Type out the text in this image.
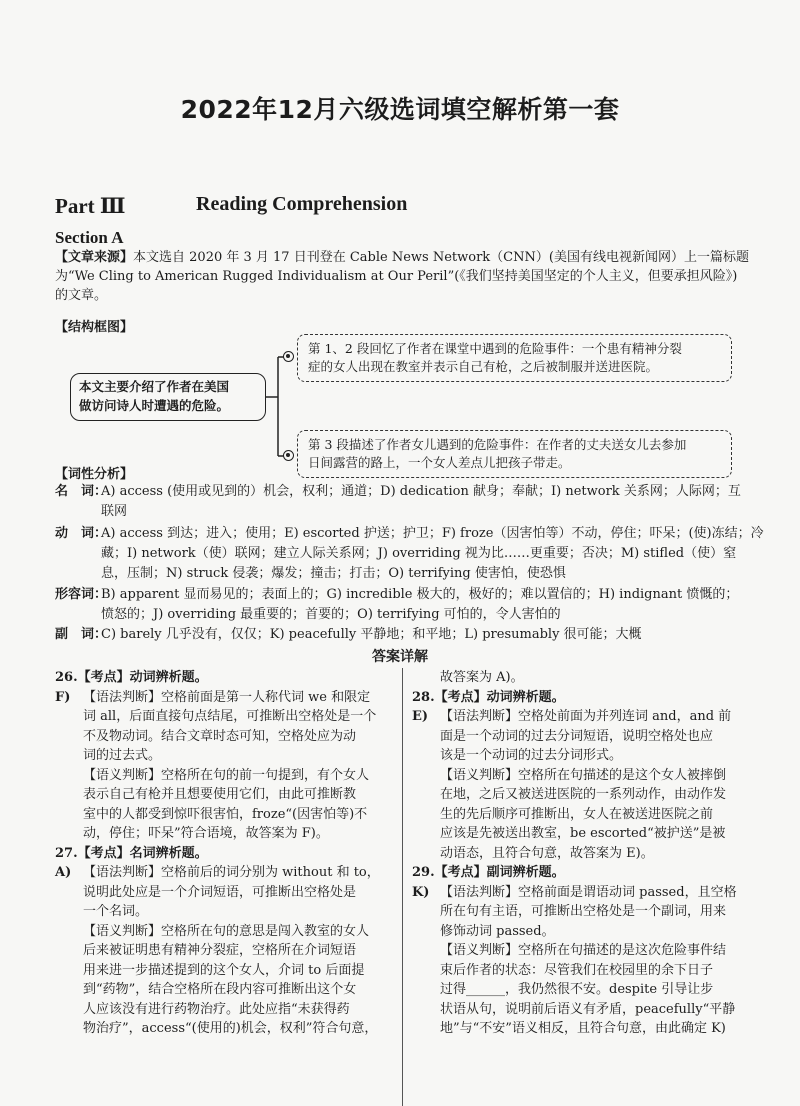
2022年12月六级选词填空解析第一套
Part Ⅲ	Reading Comprehension
Section A
【文章来源】本文选自 2020 年 3 月 17 日刊登在 Cable News Network（CNN）(美国有线电视新闻网）上一篇标题
为“We Cling to American Rugged Individualism at Our Peril”(《我们坚持美国坚定的个人主义，但要承担风险》)
的文章。
【结构框图】
本文主要介绍了作者在美国
做访问诗人时遭遇的危险。
第 1、2 段回忆了作者在课堂中遇到的危险事件：一个患有精神分裂
症的女人出现在教室并表示自己有枪，之后被制服并送进医院。
第 3 段描述了作者女儿遇到的危险事件：在作者的丈夫送女儿去参加
日间露营的路上，一个女人差点儿把孩子带走。
【词性分析】
名　词：
A) access (使用或见到的）机会，权利；通道；D) dedication 献身；奉献；I) network 关系网；人际网；互
联网
动　词：
A) access 到达；进入；使用；E) escorted 护送；护卫；F) froze（因害怕等）不动，停住；吓呆；(使)冻结；冷
藏；I) network（使）联网；建立人际关系网；J) overriding 视为比……更重要；否决；M) stifled（使）窒
息，压制；N) struck 侵袭；爆发；撞击；打击；O) terrifying 使害怕，使恐惧
形容词：
B) apparent 显而易见的；表面上的；G) incredible 极大的，极好的；难以置信的；H) indignant 愤慨的；
愤怒的；J) overriding 最重要的；首要的；O) terrifying 可怕的，令人害怕的
副　词：
C) barely 几乎没有，仅仅；K) peacefully 平静地；和平地；L) presumably 很可能；大概
答案详解
26.【考点】动词辨析题。
F) 【语法判断】空格前面是第一人称代词 we 和限定
词 all，后面直接句点结尾，可推断出空格处是一个
不及物动词。结合文章时态可知，空格处应为动
词的过去式。
【语义判断】空格所在句的前一句提到，有个女人
表示自己有枪并且想要使用它们，由此可推断教
室中的人都受到惊吓很害怕，froze“(因害怕等)不
动，停住；吓呆”符合语境，故答案为 F)。
27.【考点】名词辨析题。
A) 【语法判断】空格前后的词分别为 without 和 to，
说明此处应是一个介词短语，可推断出空格处是
一个名词。
【语义判断】空格所在句的意思是闯入教室的女人
后来被证明患有精神分裂症，空格所在介词短语
用来进一步描述提到的这个女人，介词 to 后面提
到“药物”，结合空格所在段内容可推断出这个女
人应该没有进行药物治疗。此处应指“未获得药
物治疗”，access“(使用的)机会，权利”符合句意，
故答案为 A)。
28.【考点】动词辨析题。
E) 【语法判断】空格处前面为并列连词 and，and 前
面是一个动词的过去分词短语，说明空格处也应
该是一个动词的过去分词形式。
【语义判断】空格所在句描述的是这个女人被摔倒
在地，之后又被送进医院的一系列动作，由动作发
生的先后顺序可推断出，女人在被送进医院之前
应该是先被送出教室，be escorted“被护送”是被
动语态，且符合句意，故答案为 E)。
29.【考点】副词辨析题。
K) 【语法判断】空格前面是谓语动词 passed，且空格
所在句有主语，可推断出空格处是一个副词，用来
修饰动词 passed。
【语义判断】空格所在句描述的是这次危险事件结
束后作者的状态：尽管我们在校园里的余下日子
过得______，我仍然很不安。despite 引导让步
状语从句，说明前后语义有矛盾，peacefully“平静
地”与“不安”语义相反，且符合句意，由此确定 K)
